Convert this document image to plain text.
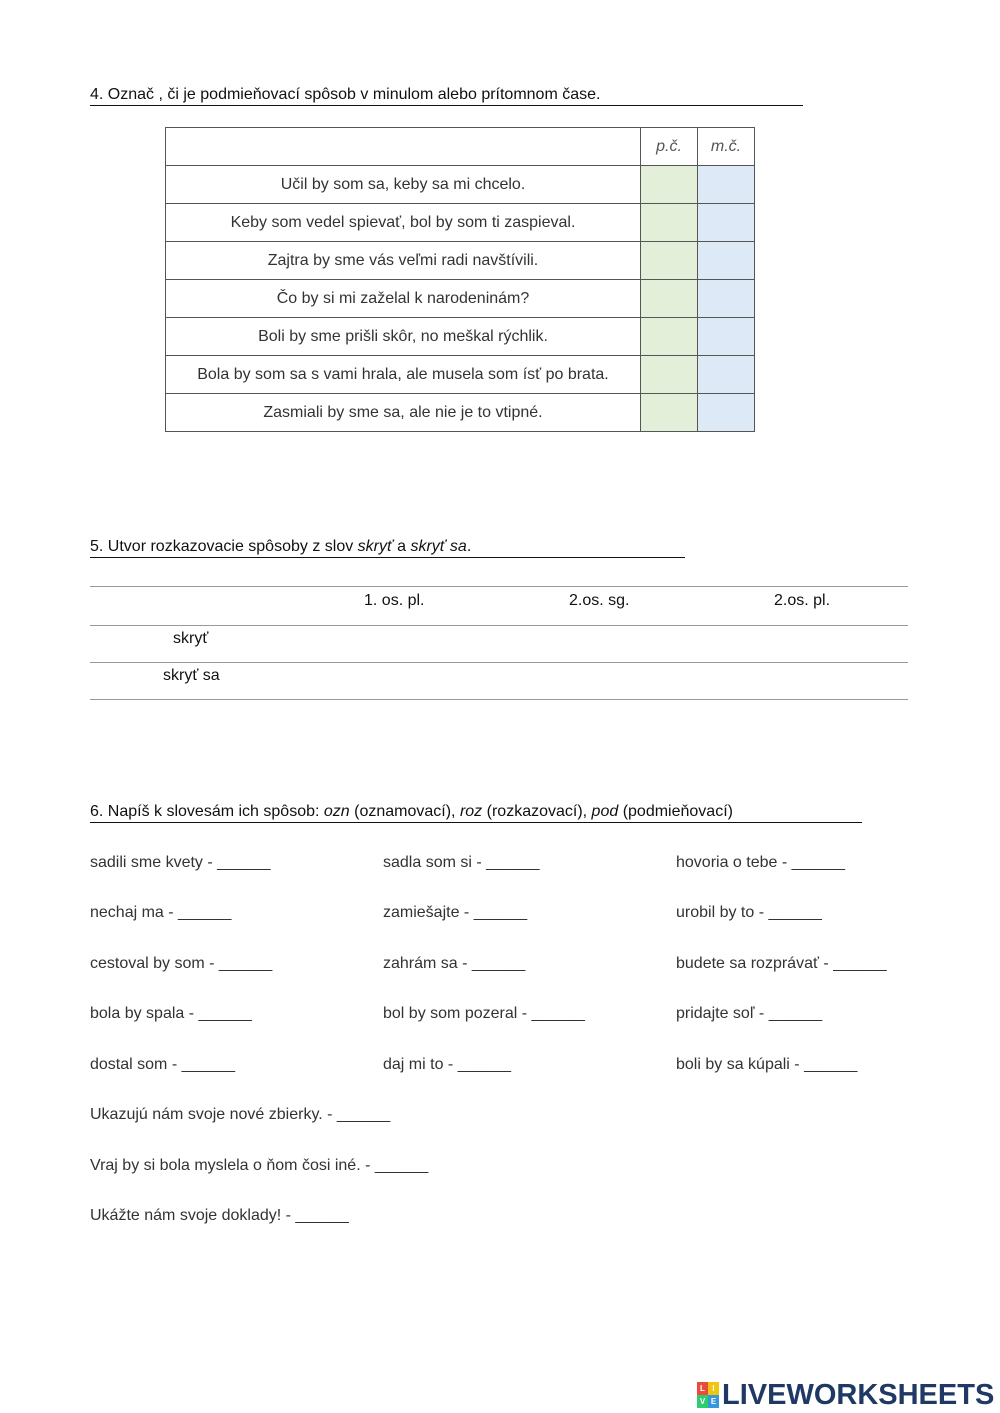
4. Označ , či je podmieňovací spôsob v minulom alebo prítomnom čase.
	p.č.	m.č.
Učil by som sa, keby sa mi chcelo.		
Keby som vedel spievať, bol by som ti zaspieval.		
Zajtra by sme vás veľmi radi navštívili.		
Čo by si mi zaželal k narodeninám?		
Boli by sme prišli skôr, no meškal rýchlik.		
Bola by som sa s vami hrala, ale musela som ísť po brata.		
Zasmiali by sme sa, ale nie je to vtipné.		
5. Utvor rozkazovacie spôsoby z slov skryť a skryť sa.
1. os. pl.	2.os. sg.	2.os. pl.
skryť
skryť sa
6. Napíš k slovesám ich spôsob: ozn (oznamovací), roz (rozkazovací), pod (podmieňovací)
sadili sme kvety - ______	sadla som si - ______	hovoria o tebe - ______
nechaj ma - ______	zamiešajte - ______	urobil by to - ______
cestoval by som - ______	zahrám sa - ______	budete sa rozprávať - ______
bola by spala - ______	bol by som pozeral - ______	pridajte soľ - ______
dostal som - ______	daj mi to - ______	boli by sa kúpali - ______
Ukazujú nám svoje nové zbierky. - ______
Vraj by si bola myslela o ňom čosi iné. - ______
Ukážte nám svoje doklady! - ______
L I
V E LIVEWORKSHEETS
